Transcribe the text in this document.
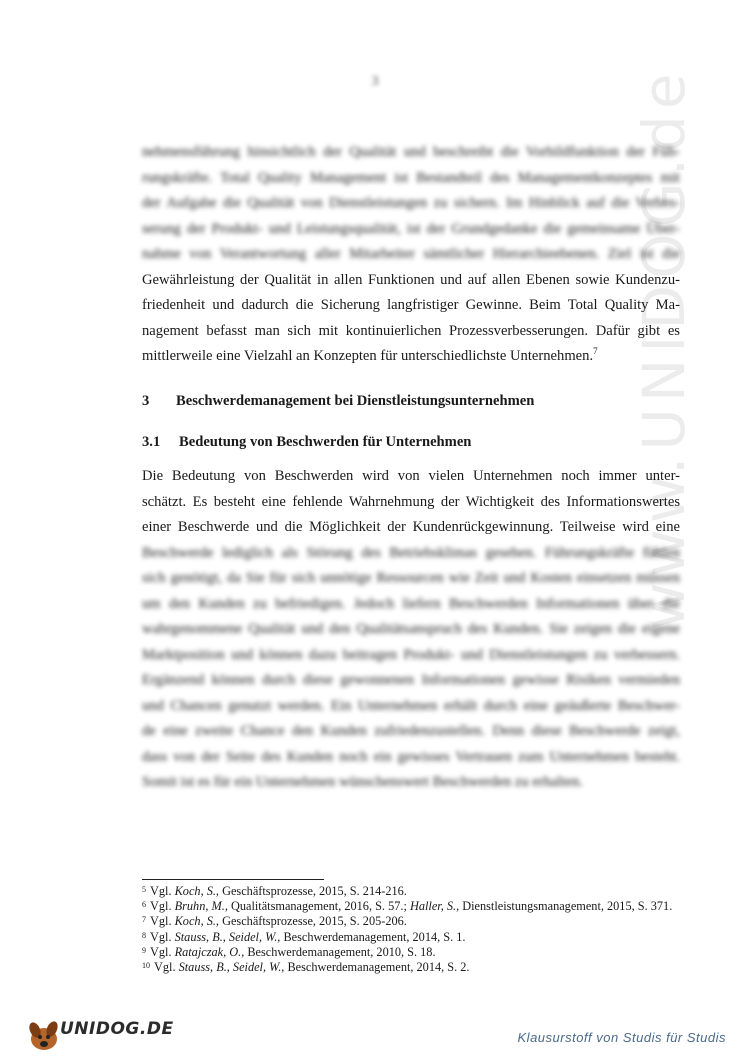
www.UNIDOG.de
3
nehmensführung hinsichtlich der Qualität und beschreibt die Vorbildfunktion der Füh-
rungskräfte. Total Quality Management ist Bestandteil des Managementkonzeptes mit
der Aufgabe die Qualität von Dienstleistungen zu sichern. Im Hinblick auf die Verbes-
serung der Produkt- und Leistungsqualität, ist der Grundgedanke die gemeinsame Über-
nahme von Verantwortung aller Mitarbeiter sämtlicher Hierarchieebenen. Ziel ist die
Gewährleistung der Qualität in allen Funktionen und auf allen Ebenen sowie Kundenzu-
friedenheit und dadurch die Sicherung langfristiger Gewinne. Beim Total Quality Ma-
nagement befasst man sich mit kontinuierlichen Prozessverbesserungen. Dafür gibt es
mittlerweile eine Vielzahl an Konzepten für unterschiedlichste Unternehmen.$^7$
3 Beschwerdemanagement bei Dienstleistungsunternehmen
3.1 Bedeutung von Beschwerden für Unternehmen
Die Bedeutung von Beschwerden wird von vielen Unternehmen noch immer unter-
schätzt. Es besteht eine fehlende Wahrnehmung der Wichtigkeit des Informationswertes
einer Beschwerde und die Möglichkeit der Kundenrückgewinnung. Teilweise wird eine
Beschwerde lediglich als Störung des Betriebsklimas gesehen. Führungskräfte fühlen
sich genötigt, da Sie für sich unnötige Ressourcen wie Zeit und Kosten einsetzen müssen
um den Kunden zu befriedigen. Jedoch liefern Beschwerden Informationen über die
wahrgenommene Qualität und den Qualitätsanspruch des Kunden. Sie zeigen die eigene
Marktposition und können dazu beitragen Produkt- und Dienstleistungen zu verbessern.
Ergänzend können durch diese gewonnenen Informationen gewisse Risiken vermieden
und Chancen genutzt werden. Ein Unternehmen erhält durch eine geäußerte Beschwer-
de eine zweite Chance den Kunden zufriedenzustellen. Denn diese Beschwerde zeigt,
dass von der Seite des Kunden noch ein gewisses Vertrauen zum Unternehmen besteht.
Somit ist es für ein Unternehmen wünschenswert Beschwerden zu erhalten.
5 Vgl. Koch, S., Geschäftsprozesse, 2015, S. 214-216.
6 Vgl. Bruhn, M., Qualitätsmanagement, 2016, S. 57.; Haller, S., Dienstleistungsmanagement, 2015, S. 371.
7 Vgl. Koch, S., Geschäftsprozesse, 2015, S. 205-206.
8 Vgl. Stauss, B., Seidel, W., Beschwerdemanagement, 2014, S. 1.
9 Vgl. Ratajczak, O., Beschwerdemanagement, 2010, S. 18.
10 Vgl. Stauss, B., Seidel, W., Beschwerdemanagement, 2014, S. 2.
UNIDOG.DE	Klausurstoff von Studis für Studis
